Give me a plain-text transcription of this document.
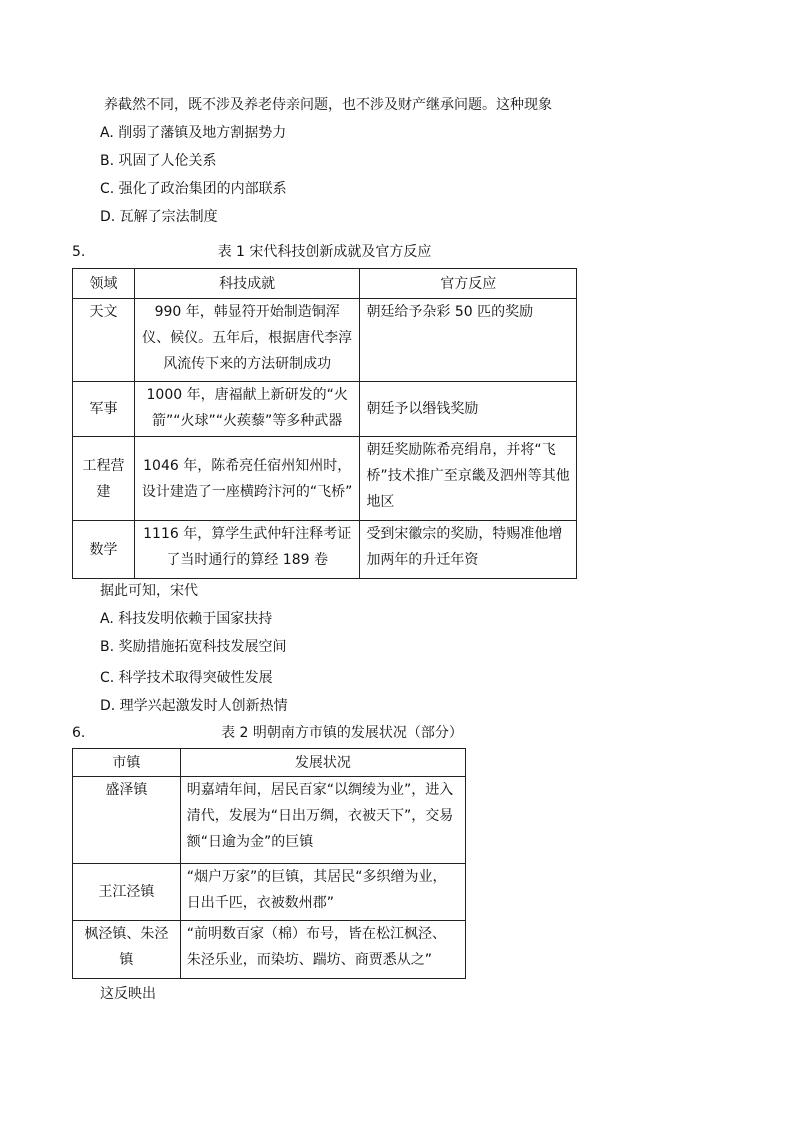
养截然不同，既不涉及养老侍亲问题，也不涉及财产继承问题。这种现象
A. 削弱了藩镇及地方割据势力
B. 巩固了人伦关系
C. 强化了政治集团的内部联系
D. 瓦解了宗法制度
5.	表 1 宋代科技创新成就及官方反应
领域	科技成就	官方反应
天文	990 年，韩显符开始制造铜浑仪、候仪。五年后，根据唐代李淳风流传下来的方法研制成功	朝廷给予杂彩 50 匹的奖励
军事	1000 年，唐福献上新研发的“火箭”“火球”“火蒺藜”等多种武器	朝廷予以缗钱奖励
工程营建	1046 年，陈希亮任宿州知州时，设计建造了一座横跨汴河的“飞桥”	朝廷奖励陈希亮绢帛，并将“飞桥”技术推广至京畿及泗州等其他地区
数学	1116 年，算学生武仲轩注释考证了当时通行的算经 189 卷	受到宋徽宗的奖励，特赐准他增加两年的升迁年资
据此可知，宋代
A. 科技发明依赖于国家扶持
B. 奖励措施拓宽科技发展空间
C. 科学技术取得突破性发展
D. 理学兴起激发时人创新热情
6.	表 2 明朝南方市镇的发展状况（部分）
市镇	发展状况
盛泽镇	明嘉靖年间，居民百家“以绸绫为业”，进入清代，发展为“日出万绸，衣被天下”，交易额“日逾为金”的巨镇
王江泾镇	“烟户万家”的巨镇，其居民“多织缯为业，日出千匹，衣被数州郡”
枫泾镇、朱泾镇	“前明数百家（棉）布号，皆在松江枫泾、朱泾乐业，而染坊、踹坊、商贾悉从之”
这反映出
